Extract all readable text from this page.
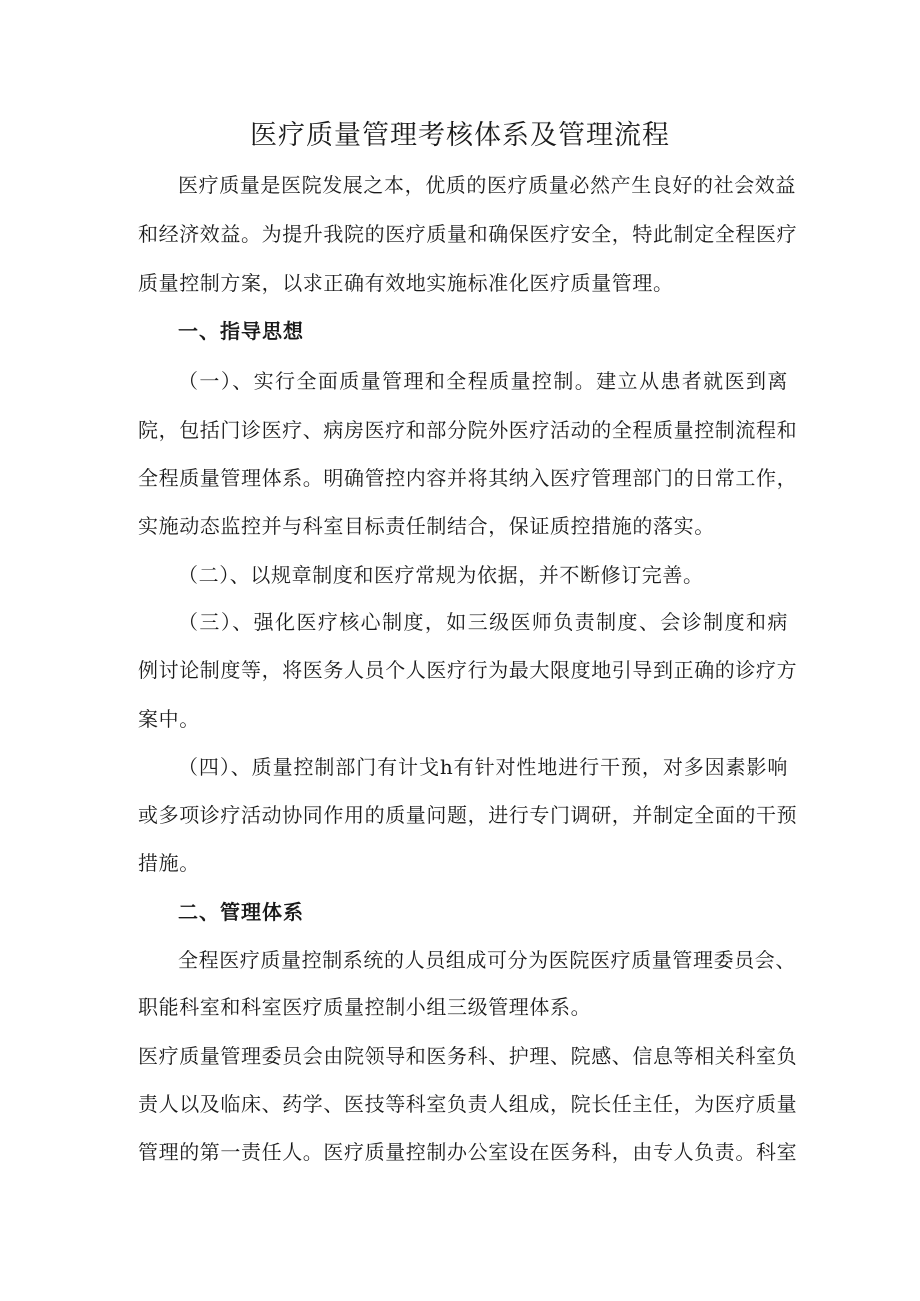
医疗质量管理考核体系及管理流程
医疗质量是医院发展之本，优质的医疗质量必然产生良好的社会效益
和经济效益。为提升我院的医疗质量和确保医疗安全，特此制定全程医疗
质量控制方案，以求正确有效地实施标准化医疗质量管理。
一、指导思想
（一）、实行全面质量管理和全程质量控制。建立从患者就医到离
院，包括门诊医疗、病房医疗和部分院外医疗活动的全程质量控制流程和
全程质量管理体系。明确管控内容并将其纳入医疗管理部门的日常工作，
实施动态监控并与科室目标责任制结合，保证质控措施的落实。
（二）、以规章制度和医疗常规为依据，并不断修订完善。
（三）、强化医疗核心制度，如三级医师负责制度、会诊制度和病
例讨论制度等，将医务人员个人医疗行为最大限度地引导到正确的诊疗方
案中。
（四）、质量控制部门有计戈h有针对性地进行干预，对多因素影响
或多项诊疗活动协同作用的质量问题，进行专门调研，并制定全面的干预
措施。
二、管理体系
全程医疗质量控制系统的人员组成可分为医院医疗质量管理委员会、
职能科室和科室医疗质量控制小组三级管理体系。
医疗质量管理委员会由院领导和医务科、护理、院感、信息等相关科室负
责人以及临床、药学、医技等科室负责人组成，院长任主任，为医疗质量
管理的第一责任人。医疗质量控制办公室设在医务科，由专人负责。科室
